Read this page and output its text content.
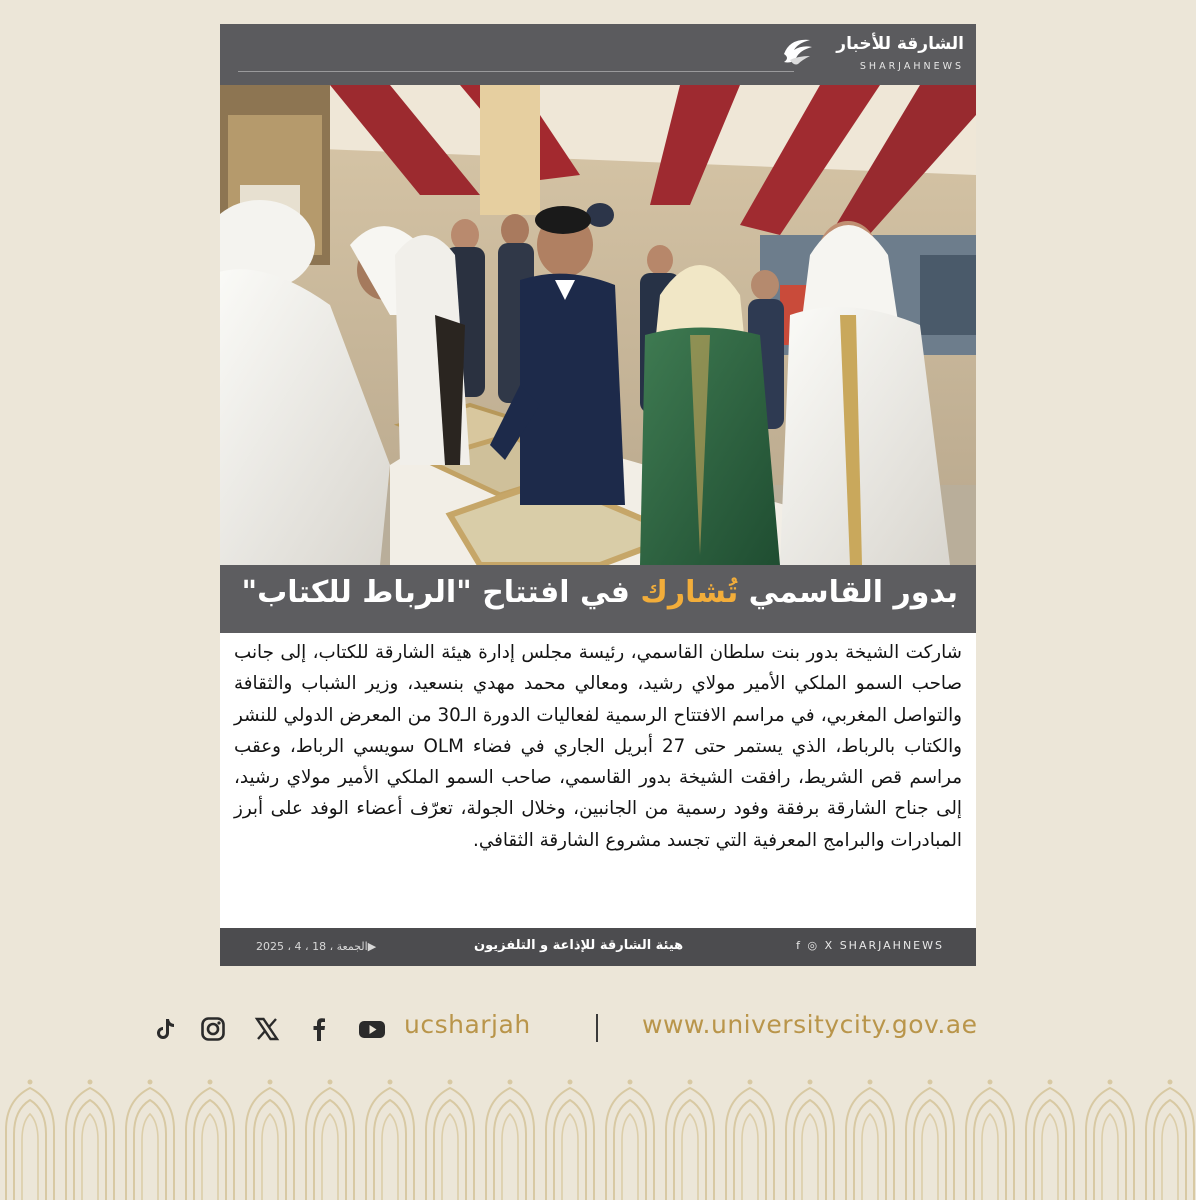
الشارقة للأخبار
SHARJAHNEWS
بدور القاسمي تُشارك في افتتاح "الرباط للكتاب"
شاركت الشيخة بدور بنت سلطان القاسمي، رئيسة مجلس إدارة هيئة الشارقة للكتاب، إلى جانب صاحب السمو الملكي الأمير مولاي رشيد، ومعالي محمد مهدي بنسعيد، وزير الشباب والثقافة والتواصل المغربي، في مراسم الافتتاح الرسمية لفعاليات الدورة الـ30 من المعرض الدولي للنشر والكتاب بالرباط، الذي يستمر حتى 27 أبريل الجاري في فضاء OLM سويسي الرباط، وعقب مراسم قص الشريط، رافقت الشيخة بدور القاسمي، صاحب السمو الملكي الأمير مولاي رشيد، إلى جناح الشارقة برفقة وفود رسمية من الجانبين، وخلال الجولة، تعرّف أعضاء الوفد على أبرز المبادرات والبرامج المعرفية التي تجسد مشروع الشارقة الثقافي.
▶الجمعة ، 18 ، 4 ، 2025	هيئة الشارقة للإذاعة و التلفزيون	f ◎ X SHARJAHNEWS
ucsharjah	www.universitycity.gov.ae
